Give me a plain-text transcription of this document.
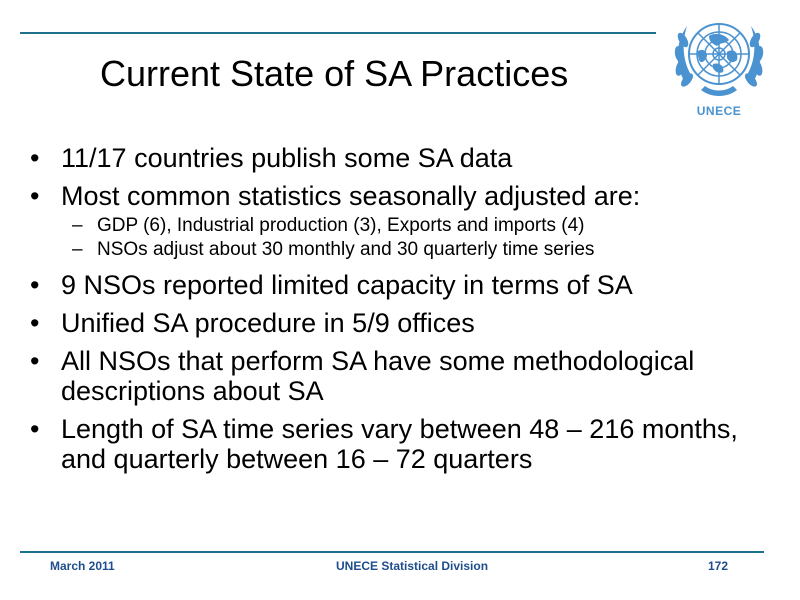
UNECE
Current State of SA Practices
• 11/17 countries publish some SA data
• Most common statistics seasonally adjusted are:
– GDP (6), Industrial production (3), Exports and imports (4)
– NSOs adjust about 30 monthly and 30 quarterly time series
• 9 NSOs reported limited capacity in terms of SA
• Unified SA procedure in 5/9 offices
• All NSOs that perform SA have some methodological descriptions about SA
• Length of SA time series vary between 48 – 216 months, and quarterly between 16 – 72 quarters
March 2011	UNECE Statistical Division	172
